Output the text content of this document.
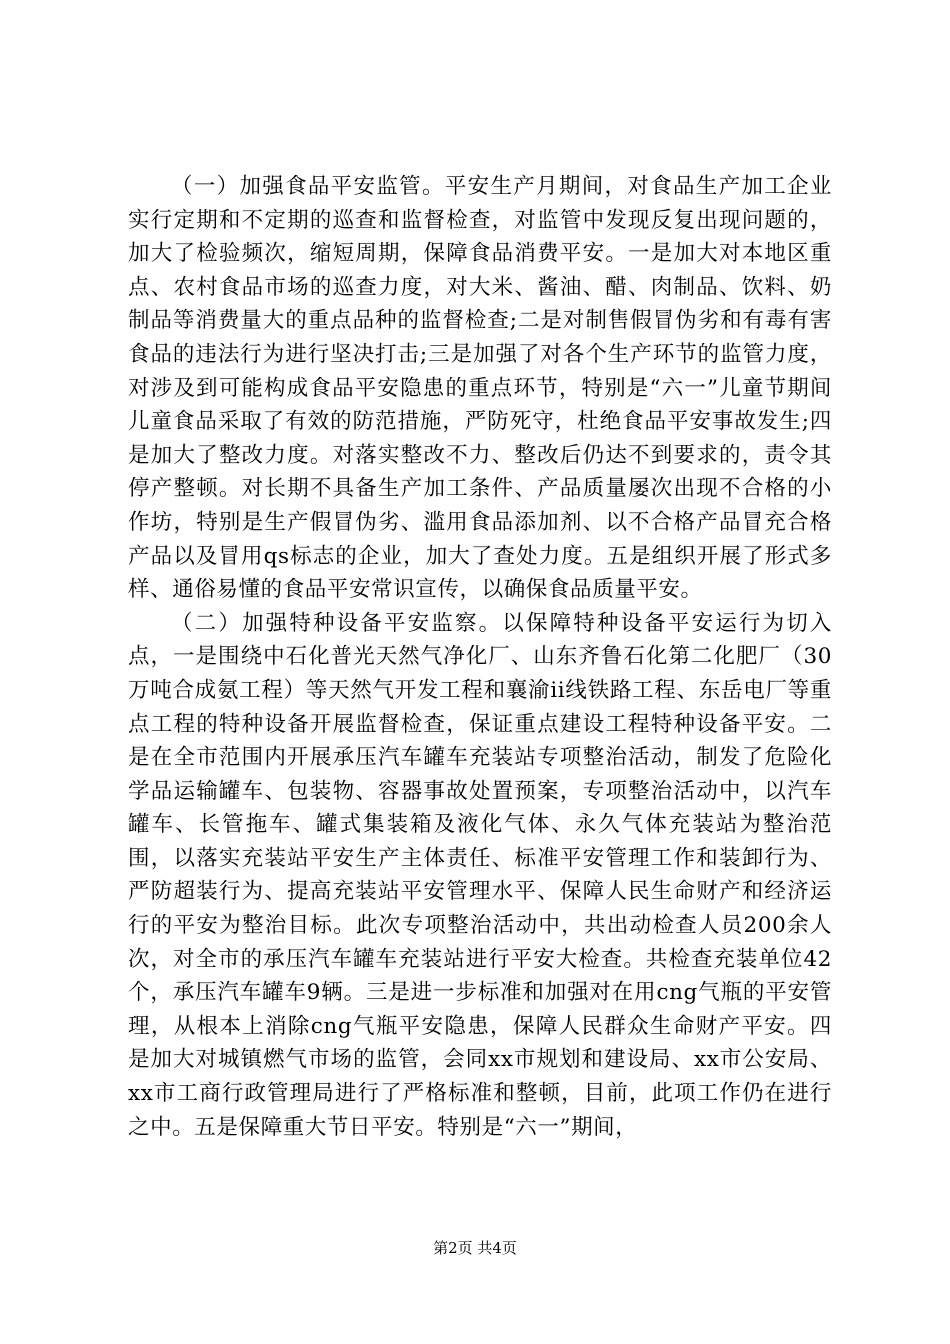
（一）加强食品平安监管。平安生产月期间，对食品生产加工企业实行定期和不定期的巡查和监督检查，对监管中发现反复出现问题的，加大了检验频次，缩短周期，保障食品消费平安。一是加大对本地区重点、农村食品市场的巡查力度，对大米、酱油、醋、肉制品、饮料、奶制品等消费量大的重点品种的监督检查;二是对制售假冒伪劣和有毒有害食品的违法行为进行坚决打击;三是加强了对各个生产环节的监管力度，对涉及到可能构成食品平安隐患的重点环节，特别是“六一”儿童节期间儿童食品采取了有效的防范措施，严防死守，杜绝食品平安事故发生;四是加大了整改力度。对落实整改不力、整改后仍达不到要求的，责令其停产整顿。对长期不具备生产加工条件、产品质量屡次出现不合格的小作坊，特别是生产假冒伪劣、滥用食品添加剂、以不合格产品冒充合格产品以及冒用qs标志的企业，加大了查处力度。五是组织开展了形式多样、通俗易懂的食品平安常识宣传，以确保食品质量平安。

（二）加强特种设备平安监察。以保障特种设备平安运行为切入点，一是围绕中石化普光天然气净化厂、山东齐鲁石化第二化肥厂（30万吨合成氨工程）等天然气开发工程和襄渝ii线铁路工程、东岳电厂等重点工程的特种设备开展监督检查，保证重点建设工程特种设备平安。二是在全市范围内开展承压汽车罐车充装站专项整治活动，制发了危险化学品运输罐车、包装物、容器事故处置预案，专项整治活动中，以汽车罐车、长管拖车、罐式集装箱及液化气体、永久气体充装站为整治范围，以落实充装站平安生产主体责任、标准平安管理工作和装卸行为、严防超装行为、提高充装站平安管理水平、保障人民生命财产和经济运行的平安为整治目标。此次专项整治活动中，共出动检查人员200余人次，对全市的承压汽车罐车充装站进行平安大检查。共检查充装单位42个，承压汽车罐车9辆。三是进一步标准和加强对在用cng气瓶的平安管理，从根本上消除cng气瓶平安隐患，保障人民群众生命财产平安。四是加大对城镇燃气市场的监管，会同xx市规划和建设局、xx市公安局、xx市工商行政管理局进行了严格标准和整顿，目前，此项工作仍在进行之中。五是保障重大节日平安。特别是“六一”期间，

第2页 共4页
